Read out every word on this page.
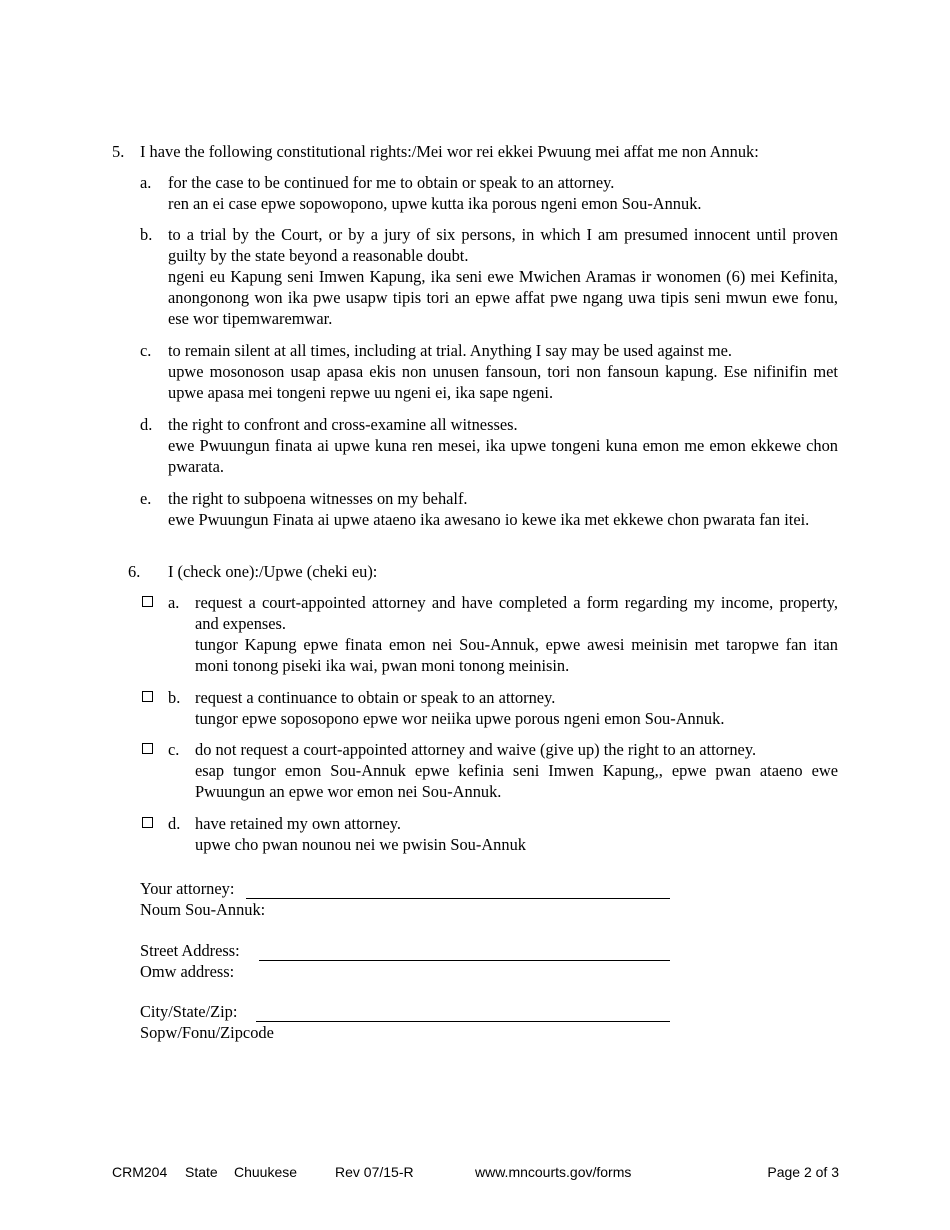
5. I have the following constitutional rights:/Mei wor rei ekkei Pwuung mei affat me non Annuk:
a. for the case to be continued for me to obtain or speak to an attorney.

ren an ei case epwe sopowopono, upwe kutta ika porous ngeni emon Sou-Annuk.

b. to a trial by the Court, or by a jury of six persons, in which I am presumed innocent until proven guilty by the state beyond a reasonable doubt.

ngeni eu Kapung seni Imwen Kapung, ika seni ewe Mwichen Aramas ir wonomen (6) mei Kefinita, anongonong won ika pwe usapw tipis tori an epwe affat pwe ngang uwa tipis seni mwun ewe fonu, ese wor tipemwaremwar.

c. to remain silent at all times, including at trial. Anything I say may be used against me.

upwe mosonoson usap apasa ekis non unusen fansoun, tori non fansoun kapung. Ese nifinifin met upwe apasa mei tongeni repwe uu ngeni ei, ika sape ngeni.

d. the right to confront and cross-examine all witnesses.

ewe Pwuungun finata ai upwe kuna ren mesei, ika upwe tongeni kuna emon me emon ekkewe chon pwarata.

e. the right to subpoena witnesses on my behalf.

ewe Pwuungun Finata ai upwe ataeno ika awesano io kewe ika met ekkewe chon pwarata fan itei.

6. I (check one):/Upwe (cheki eu):
a. request a court-appointed attorney and have completed a form regarding my income, property, and expenses.

tungor Kapung epwe finata emon nei Sou-Annuk, epwe awesi meinisin met taropwe fan itan moni tonong piseki ika wai, pwan moni tonong meinisin.

b. request a continuance to obtain or speak to an attorney.

tungor epwe soposopono epwe wor neiika upwe porous ngeni emon Sou-Annuk.

c. do not request a court-appointed attorney and waive (give up) the right to an attorney.

esap tungor emon Sou-Annuk epwe kefinia seni Imwen Kapung,, epwe pwan ataeno ewe Pwuungun an epwe wor emon nei Sou-Annuk.

d. have retained my own attorney.

upwe cho pwan nounou nei we pwisin Sou-Annuk

Your attorney:
Noum Sou-Annuk:
Street Address:
Omw address:
City/State/Zip:
Sopw/Fonu/Zipcode
CRM204 State Chuukese	Rev 07/15-R	www.mncourts.gov/forms	Page 2 of 3
